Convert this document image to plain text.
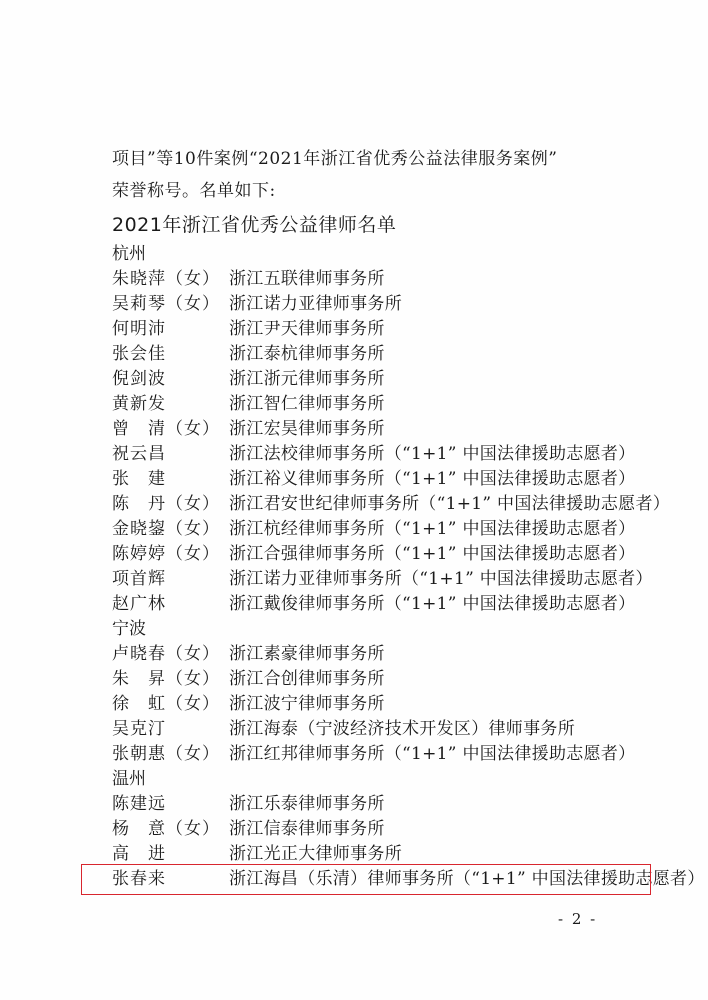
项目”等10件案例“2021年浙江省优秀公益法律服务案例”
荣誉称号。名单如下:
2021年浙江省优秀公益律师名单
杭州
朱晓萍（女） 浙江五联律师事务所
吴莉琴（女） 浙江诺力亚律师事务所
何明沛	浙江尹天律师事务所
张会佳	浙江泰杭律师事务所
倪剑波	浙江浙元律师事务所
黄新发	浙江智仁律师事务所
曾　清（女） 浙江宏昊律师事务所
祝云昌	浙江法校律师事务所（“1+1” 中国法律援助志愿者）
张　建	浙江裕义律师事务所（“1+1” 中国法律援助志愿者）
陈　丹（女） 浙江君安世纪律师事务所（“1+1” 中国法律援助志愿者）
金晓鋆（女） 浙江杭经律师事务所（“1+1” 中国法律援助志愿者）
陈婷婷（女） 浙江合强律师事务所（“1+1” 中国法律援助志愿者）
项首辉	浙江诺力亚律师事务所（“1+1” 中国法律援助志愿者）
赵广林	浙江戴俊律师事务所（“1+1” 中国法律援助志愿者）
宁波
卢晓春（女） 浙江素豪律师事务所
朱　昇（女） 浙江合创律师事务所
徐　虹（女） 浙江波宁律师事务所
吴克汀	浙江海泰（宁波经济技术开发区）律师事务所
张朝惠（女） 浙江红邦律师事务所（“1+1” 中国法律援助志愿者）
温州
陈建远	浙江乐泰律师事务所
杨　意（女） 浙江信泰律师事务所
高　进	浙江光正大律师事务所
张春来	浙江海昌（乐清）律师事务所（“1+1” 中国法律援助志愿者）
- 2 -
